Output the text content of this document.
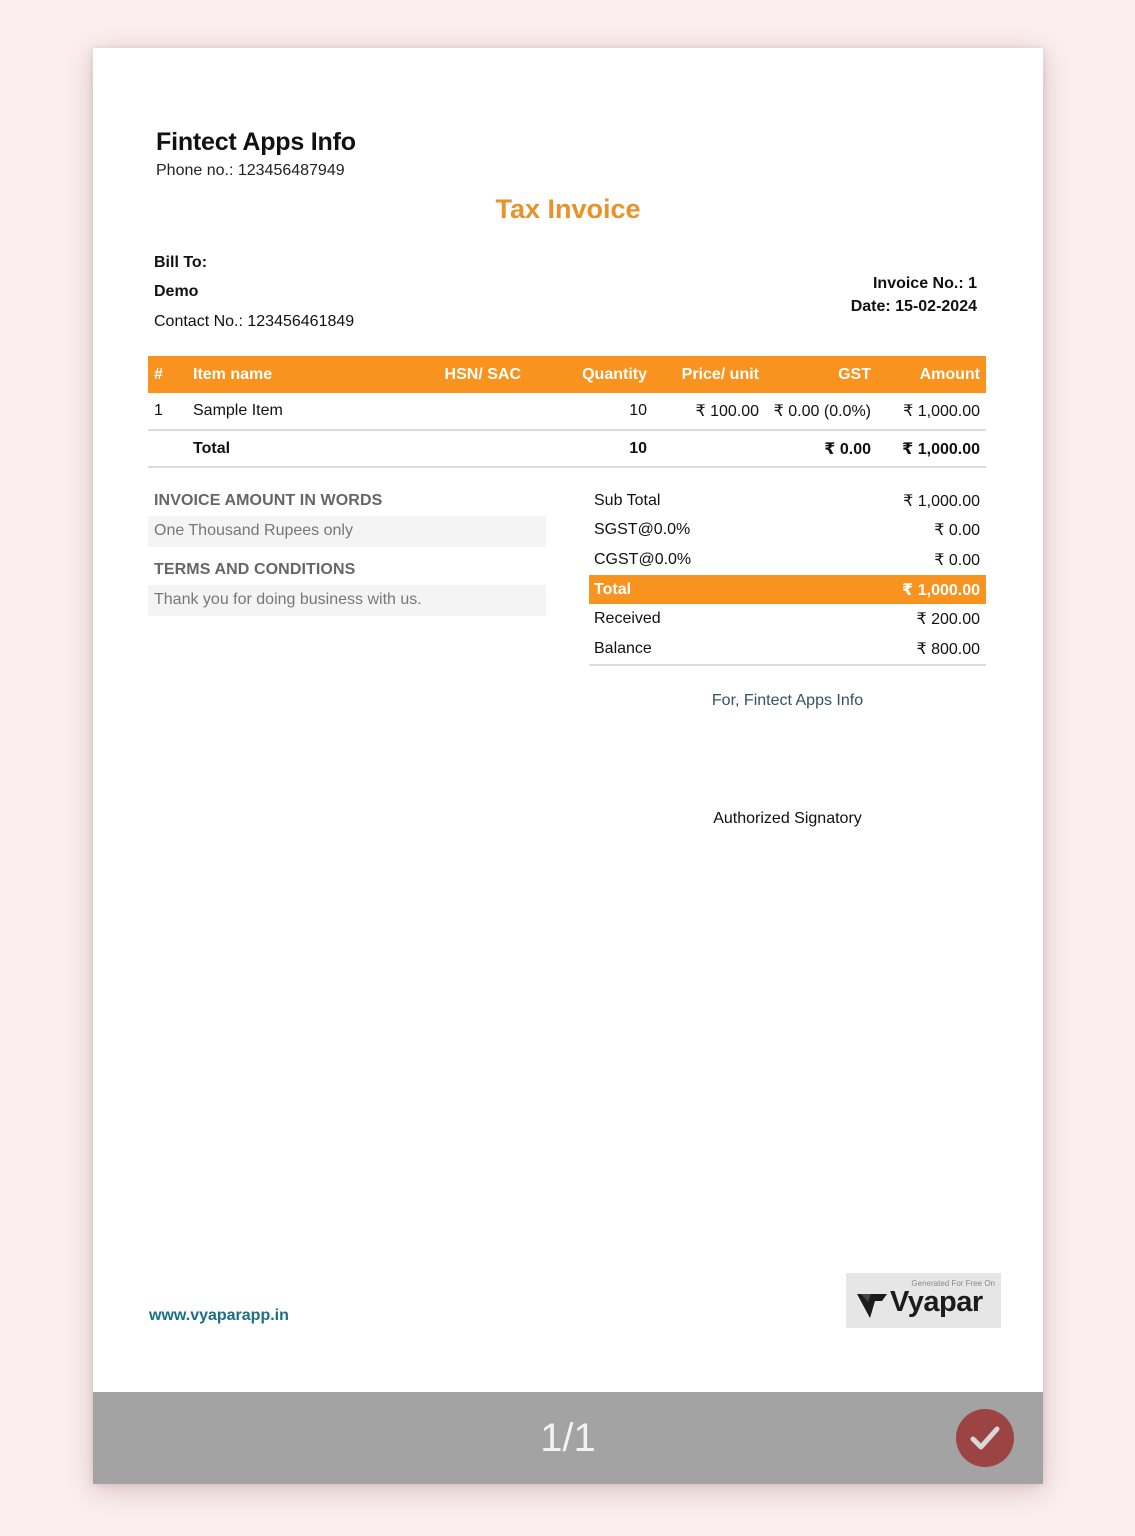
Fintect Apps Info
Phone no.: 123456487949
Tax Invoice
Bill To:
Demo
Contact No.: 123456461849
Invoice No.: 1
Date: 15-02-2024
#	Item name	HSN/ SAC	Quantity	Price/ unit	GST	Amount
1	Sample Item		10	₹ 100.00	₹ 0.00 (0.0%)	₹ 1,000.00
	Total		10		₹ 0.00	₹ 1,000.00
INVOICE AMOUNT IN WORDS
One Thousand Rupees only
TERMS AND CONDITIONS
Thank you for doing business with us.
Sub Total	₹ 1,000.00
SGST@0.0%	₹ 0.00
CGST@0.0%	₹ 0.00
Total	₹ 1,000.00
Received	₹ 200.00
Balance	₹ 800.00
For, Fintect Apps Info
Authorized Signatory
www.vyaparapp.in
Generated For Free On
Vyapar
1/1
